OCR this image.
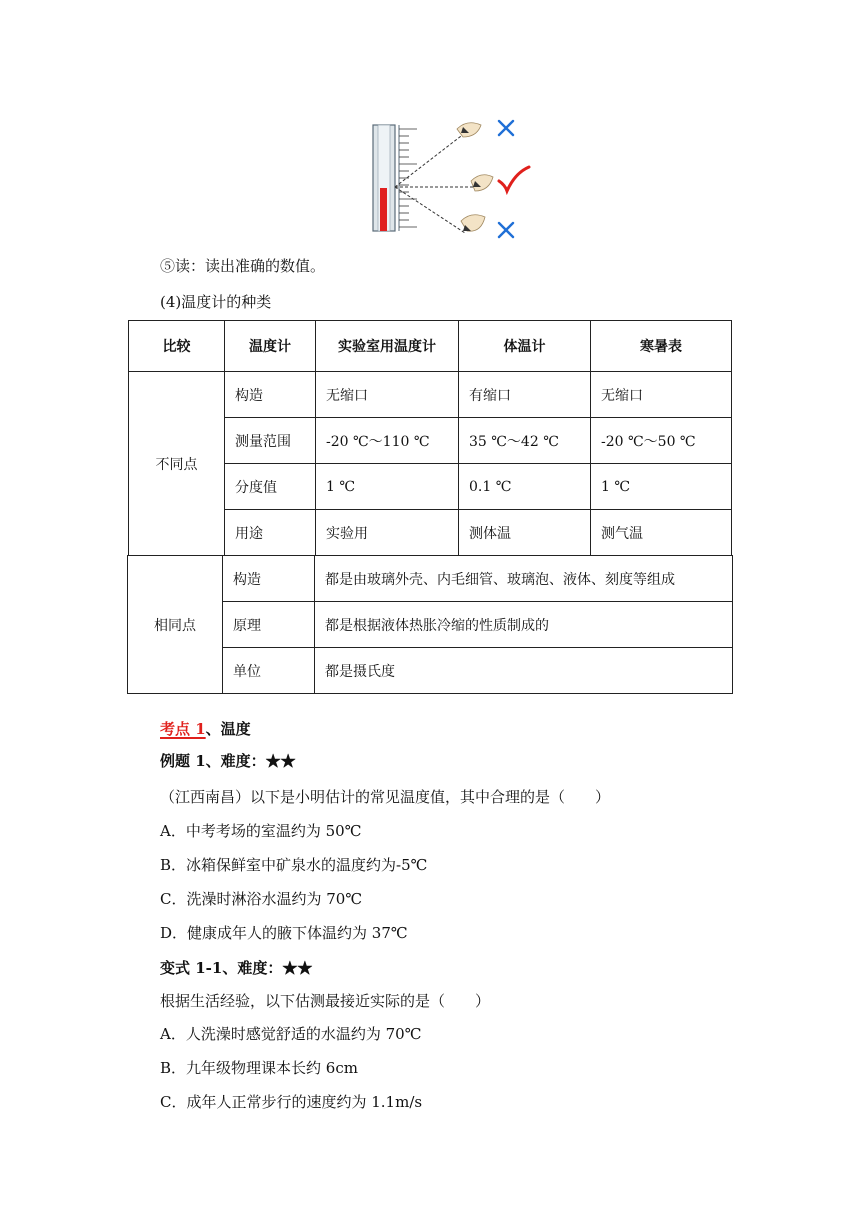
⑤读：读出准确的数值。
(4)温度计的种类
比较	温度计	实验室用温度计	体温计	寒暑表
不同点	构造	无缩口	有缩口	无缩口
	测量范围	-20 ℃～110 ℃	35 ℃～42 ℃	-20 ℃～50 ℃
	分度值	1 ℃	0.1 ℃	1 ℃
	用途	实验用	测体温	测气温
相同点	构造	都是由玻璃外壳、内毛细管、玻璃泡、液体、刻度等组成
	原理	都是根据液体热胀冷缩的性质制成的
	单位	都是摄氏度
考点 1、温度
例题 1、难度：★★
（江西南昌）以下是小明估计的常见温度值，其中合理的是（　　）
A．中考考场的室温约为 50℃
B．冰箱保鲜室中矿泉水的温度约为-5℃
C．洗澡时淋浴水温约为 70℃
D．健康成年人的腋下体温约为 37℃
变式 1-1、难度：★★
根据生活经验，以下估测最接近实际的是（　　）
A．人洗澡时感觉舒适的水温约为 70℃
B．九年级物理课本长约 6cm
C．成年人正常步行的速度约为 1.1m/s
